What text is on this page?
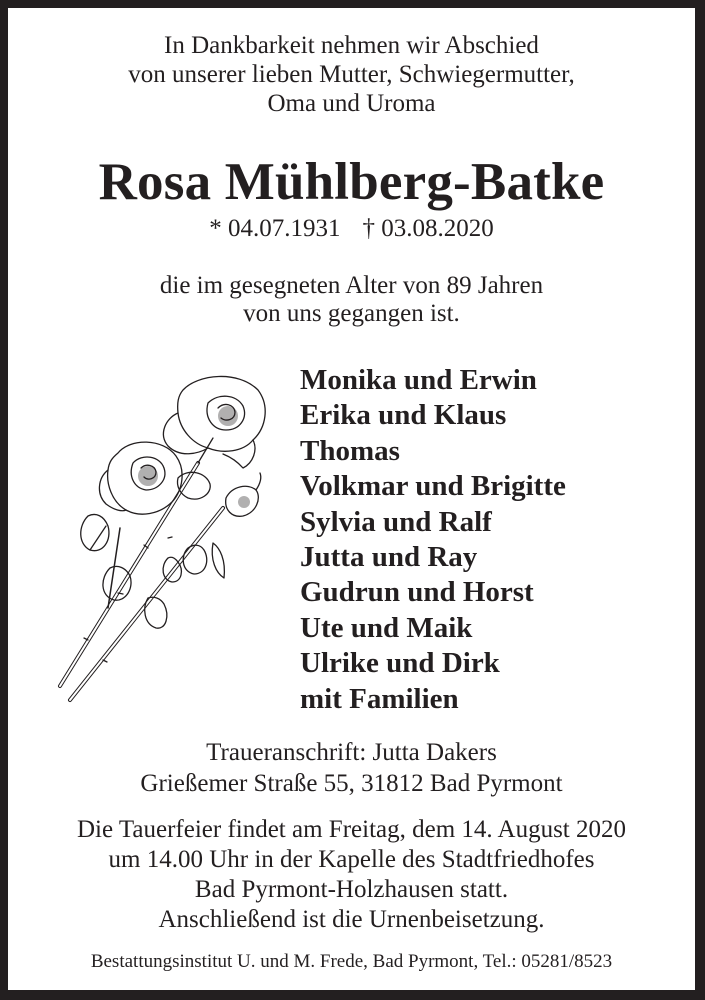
In Dankbarkeit nehmen wir Abschied
von unserer lieben Mutter, Schwiegermutter,
Oma und Uroma
Rosa Mühlberg-Batke
* 04.07.1931 † 03.08.2020
die im gesegneten Alter von 89 Jahren
von uns gegangen ist.
Monika und Erwin
Erika und Klaus
Thomas
Volkmar und Brigitte
Sylvia und Ralf
Jutta und Ray
Gudrun und Horst
Ute und Maik
Ulrike und Dirk
mit Familien
Traueranschrift: Jutta Dakers
Grießemer Straße 55, 31812 Bad Pyrmont
Die Tauerfeier findet am Freitag, dem 14. August 2020
um 14.00 Uhr in der Kapelle des Stadtfriedhofes
Bad Pyrmont-Holzhausen statt.
Anschließend ist die Urnenbeisetzung.
Bestattungsinstitut U. und M. Frede, Bad Pyrmont, Tel.: 05281/8523
